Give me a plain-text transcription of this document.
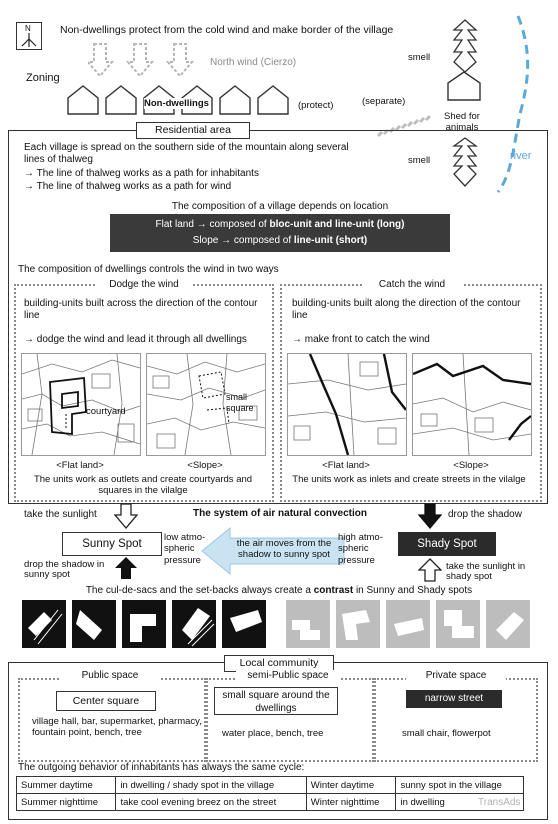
N	Non-dwellings protect from the cold wind and make border of the village
Zoning
North wind (Cierzo)
Non-dwellings	(protect)
smell
Shed for animals
(separate)
smell	river
Residential area
Each village is spread on the southern side of the mountain along several lines of thalweg
→ The line of thalweg works as a path for inhabitants
→ The line of thalweg works as a path for wind
The composition of a village depends on location
Flat land → composed of bloc-unit and line-unit (long)
Slope → composed of line-unit (short)
The composition of dwellings controls the wind in two ways
Dodge the wind
building-units built across the direction of the contour line
→ dodge the wind and lead it through all dwellings
courtyard
small square
<Flat land>	<Slope>
The units work as outlets and create courtyards and squares in the vilalge
Catch the wind
building-units built along the direction of the contour line
→ make front to catch the wind
<Flat land>	<Slope>
The units work as inlets and create streets in the vilalge
take the sunlight	The system of air natural convection	drop the shadow
Sunny Spot	Shady Spot
low atmo-spheric pressure
the air moves from the shadow to sunny spot
high atmo-spheric pressure
drop the shadow in sunny spot
take the sunlight in shady spot
The cul-de-sacs and the set-backs always create a contrast in Sunny and Shady spots
Local community
Public space
Center square
village hall, bar, supermarket, pharmacy, fountain point, bench, tree
semi-Public space
small square around the dwellings
water place, bench, tree
Private space
narrow street
small chair, flowerpot
The outgoing behavior of inhabitants has always the same cycle:
Summer daytime	in dwelling / shady spot in the village	Winter daytime	sunny spot in the village
Summer nighttime	take cool evening breez on the street	Winter nighttime	in dwelling	TransAds
